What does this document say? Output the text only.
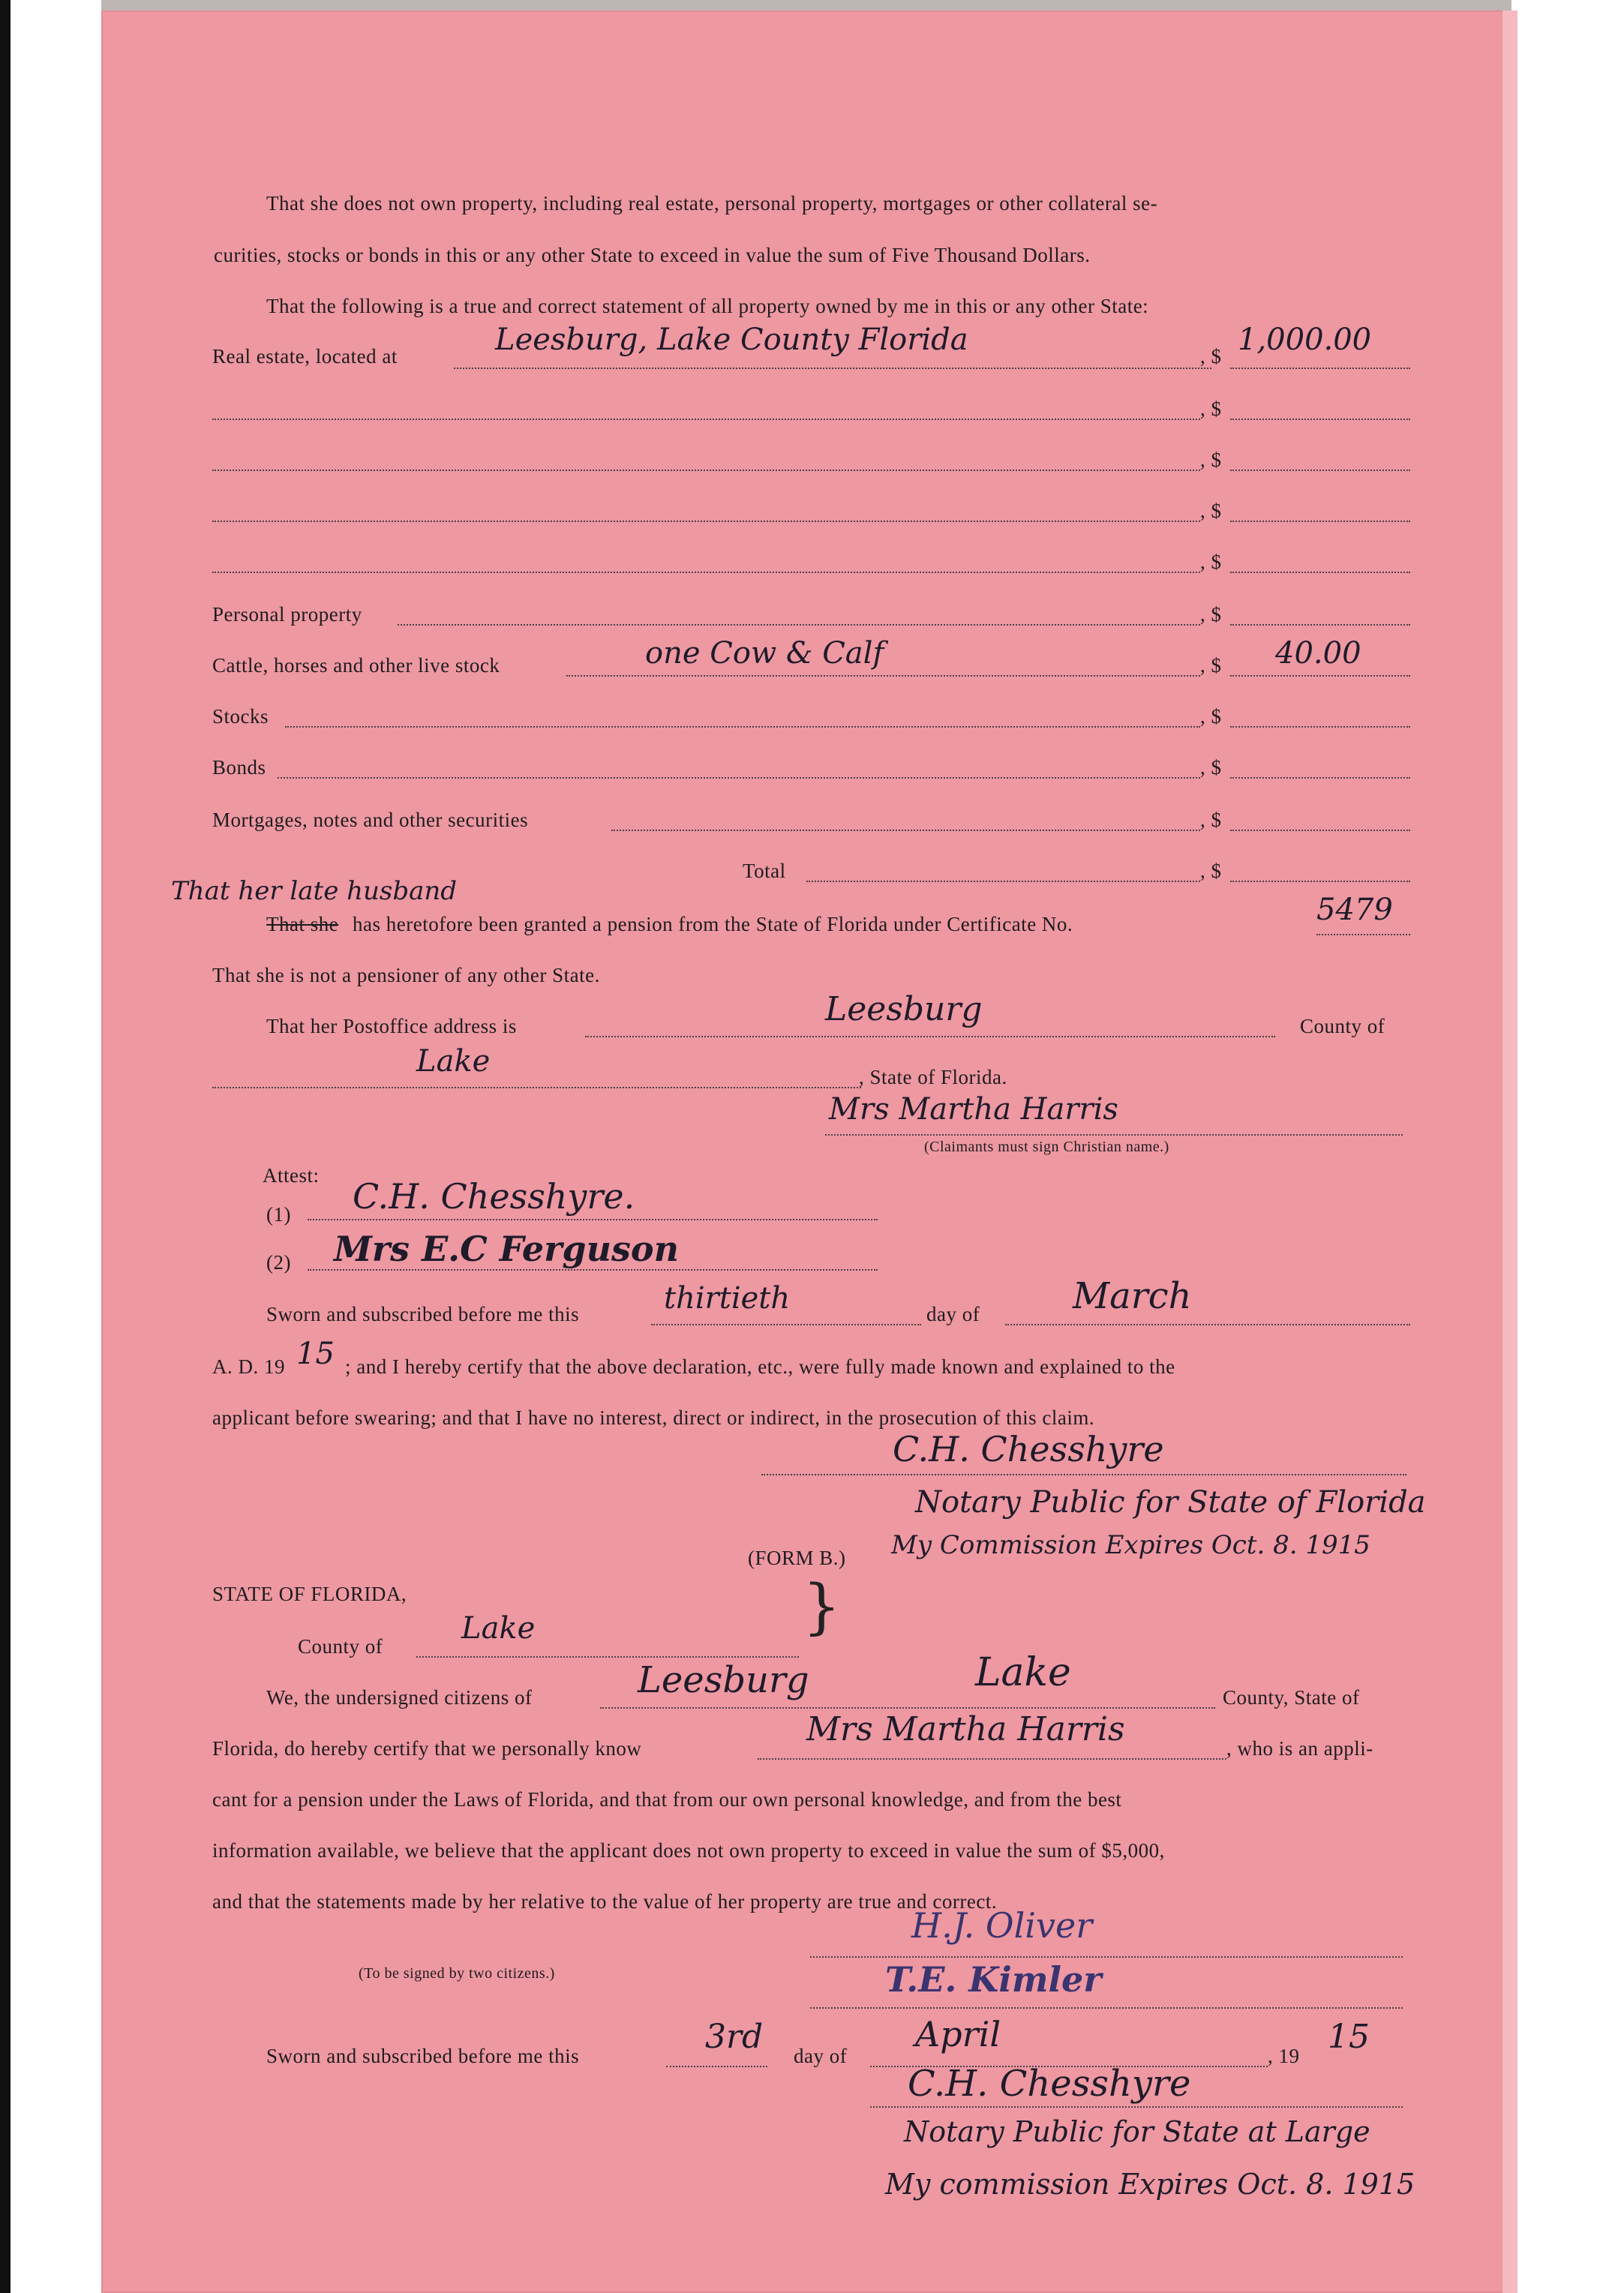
That she does not own property, including real estate, personal property, mortgages or other collateral se-
curities, stocks or bonds in this or any other State to exceed in value the sum of Five Thousand Dollars.
That the following is a true and correct statement of all property owned by me in this or any other State:
Real estate, located at	Leesburg, Lake County Florida	, $ 1,000.00
, $
, $
, $
, $
Personal property	, $
Cattle, horses and other live stock	one Cow & Calf	, $ 40.00
Stocks	, $
Bonds	, $
Mortgages, notes and other securities	, $
Total	, $
That her late husband
That she has heretofore been granted a pension from the State of Florida under Certificate No.	5479
That she is not a pensioner of any other State.
That her Postoffice address is	Leesburg	County of
Lake	, State of Florida.
Mrs Martha Harris
(Claimants must sign Christian name.)
Attest:
(1) C.H. Chesshyre.
(2) Mrs E.C Ferguson
Sworn and subscribed before me this	thirtieth	day of	March
A. D. 19 15 ; and I hereby certify that the above declaration, etc., were fully made known and explained to the
applicant before swearing; and that I have no interest, direct or indirect, in the prosecution of this claim.
C.H. Chesshyre
Notary Public for State of Florida
(FORM B.) My Commission Expires Oct. 8. 1915
STATE OF FLORIDA,
County of
Lake	}
We, the undersigned citizens of	Leesburg	Lake
County, State of
Florida, do hereby certify that we personally know	Mrs Martha Harris	, who is an appli-
cant for a pension under the Laws of Florida, and that from our own personal knowledge, and from the best
information available, we believe that the applicant does not own property to exceed in value the sum of $5,000,
and that the statements made by her relative to the value of her property are true and correct.
(To be signed by two citizens.)
H.J. Oliver
T.E. Kimler
Sworn and subscribed before me this	3rd day of
April
, 19 15
C.H. Chesshyre
Notary Public for State at Large
My commission Expires Oct. 8. 1915
